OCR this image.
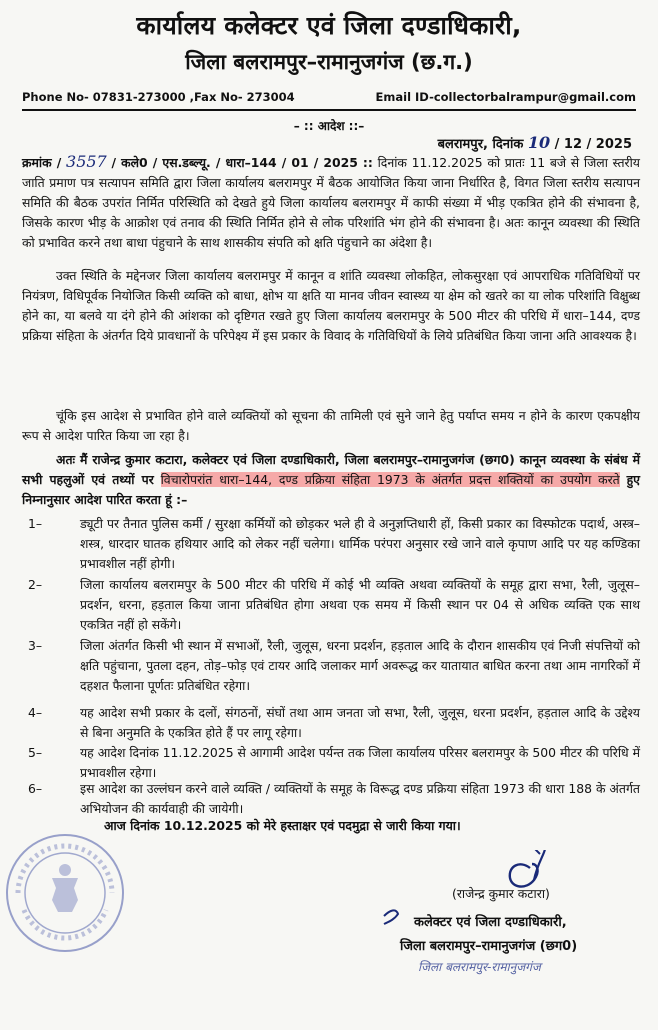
कार्यालय कलेक्टर एवं जिला दण्डाधिकारी,
जिला बलरामपुर–रामानुजगंज (छ.ग.)
Phone No- 07831-273000 , Fax No- 273004	Email ID-collectorbalrampur@gmail.com
– :: आदेश ::–
बलरामपुर, दिनांक 10 / 12 / 2025
क्रमांक / 3557 / कले0 / एस.डब्ल्यू. / धारा–144 / 01 / 2025 :: दिनांक 11.12.2025 को प्रातः 11 बजे से जिला स्तरीय जाति प्रमाण पत्र सत्यापन समिति द्वारा जिला कार्यालय बलरामपुर में बैठक आयोजित किया जाना निर्धारित है, विगत जिला स्तरीय सत्यापन समिति की बैठक उपरांत निर्मित परिस्थिति को देखते हुये जिला कार्यालय बलरामपुर में काफी संख्या में भीड़ एकत्रित होने की संभावना है, जिसके कारण भीड़ के आक्रोश एवं तनाव की स्थिति निर्मित होने से लोक परिशांति भंग होने की संभावना है। अतः कानून व्यवस्था की स्थिति को प्रभावित करने तथा बाधा पंहुचाने के साथ शासकीय संपति को क्षति पंहुचाने का अंदेशा है।
उक्त स्थिति के मद्देनजर जिला कार्यालय बलरामपुर में कानून व शांति व्यवस्था लोकहित, लोकसुरक्षा एवं आपराधिक गतिविधियों पर नियंत्रण, विधिपूर्वक नियोजित किसी व्यक्ति को बाधा, क्षोभ या क्षति या मानव जीवन स्वास्थ्य या क्षेम को खतरे का या लोक परिशांति विक्षुब्ध होने का, या बलवे या दंगे होने की आंशका को दृष्टिगत रखते हुए जिला कार्यालय बलरामपुर के 500 मीटर की परिधि में धारा–144, दण्ड प्रक्रिया संहिता के अंतर्गत दिये प्रावधानों के परिपेक्ष्य में इस प्रकार के विवाद के गतिविधियों के लिये प्रतिबंधित किया जाना अति आवश्यक है।
चूंकि इस आदेश से प्रभावित होने वाले व्यक्तियों को सूचना की तामिली एवं सुने जाने हेतु पर्याप्त समय न होने के कारण एकपक्षीय रूप से आदेश पारित किया जा रहा है।
अतः मैं राजेन्द्र कुमार कटारा, कलेक्टर एवं जिला दण्डाधिकारी, जिला बलरामपुर–रामानुजगंज (छग0) कानून व्यवस्था के संबंध में सभी पहलुओं एवं तथ्यों पर विचारोपरांत धारा–144, दण्ड प्रक्रिया संहिता 1973 के अंतर्गत प्रदत्त शक्तियों का उपयोग करते हुए निम्नानुसार आदेश पारित करता हूं :–
1–	ड्यूटी पर तैनात पुलिस कर्मी / सुरक्षा कर्मियों को छोड़कर भले ही वे अनुज्ञप्तिधारी हों, किसी प्रकार का विस्फोटक पदार्थ, अस्त्र–शस्त्र, धारदार घातक हथियार आदि को लेकर नहीं चलेगा। धार्मिक परंपरा अनुसार रखे जाने वाले कृपाण आदि पर यह कण्डिका प्रभावशील नहीं होगी।
2–	जिला कार्यालय बलरामपुर के 500 मीटर की परिधि में कोई भी व्यक्ति अथवा व्यक्तियों के समूह द्वारा सभा, रैली, जुलूस–प्रदर्शन, धरना, हड़ताल किया जाना प्रतिबंधित होगा अथवा एक समय में किसी स्थान पर 04 से अधिक व्यक्ति एक साथ एकत्रित नहीं हो सकेंगे।
3–	जिला अंतर्गत किसी भी स्थान में सभाओं, रैली, जुलूस, धरना प्रदर्शन, हड़ताल आदि के दौरान शासकीय एवं निजी संपत्तियों को क्षति पहुंचाना, पुतला दहन, तोड़–फोड़ एवं टायर आदि जलाकर मार्ग अवरूद्ध कर यातायात बाधित करना तथा आम नागरिकों में दहशत फैलाना पूर्णतः प्रतिबंधित रहेगा।
4–	यह आदेश सभी प्रकार के दलों, संगठनों, संघों तथा आम जनता जो सभा, रैली, जुलूस, धरना प्रदर्शन, हड़ताल आदि के उद्देश्य से बिना अनुमति के एकत्रित होते हैं पर लागू रहेगा।
5–	यह आदेश दिनांक 11.12.2025 से आगामी आदेश पर्यन्त तक जिला कार्यालय परिसर बलरामपुर के 500 मीटर की परिधि में प्रभावशील रहेगा।
6–	इस आदेश का उल्लंघन करने वाले व्यक्ति / व्यक्तियों के समूह के विरूद्ध दण्ड प्रक्रिया संहिता 1973 की धारा 188 के अंतर्गत अभियोजन की कार्यवाही की जायेगी।
आज दिनांक 10.12.2025 को मेरे हस्ताक्षर एवं पदमुद्रा से जारी किया गया।
(राजेन्द्र कुमार कटारा)
कलेक्टर एवं जिला दण्डाधिकारी,
जिला बलरामपुर–रामानुजगंज (छग0)
जिला बलरामपुर-रामानुजगंज
